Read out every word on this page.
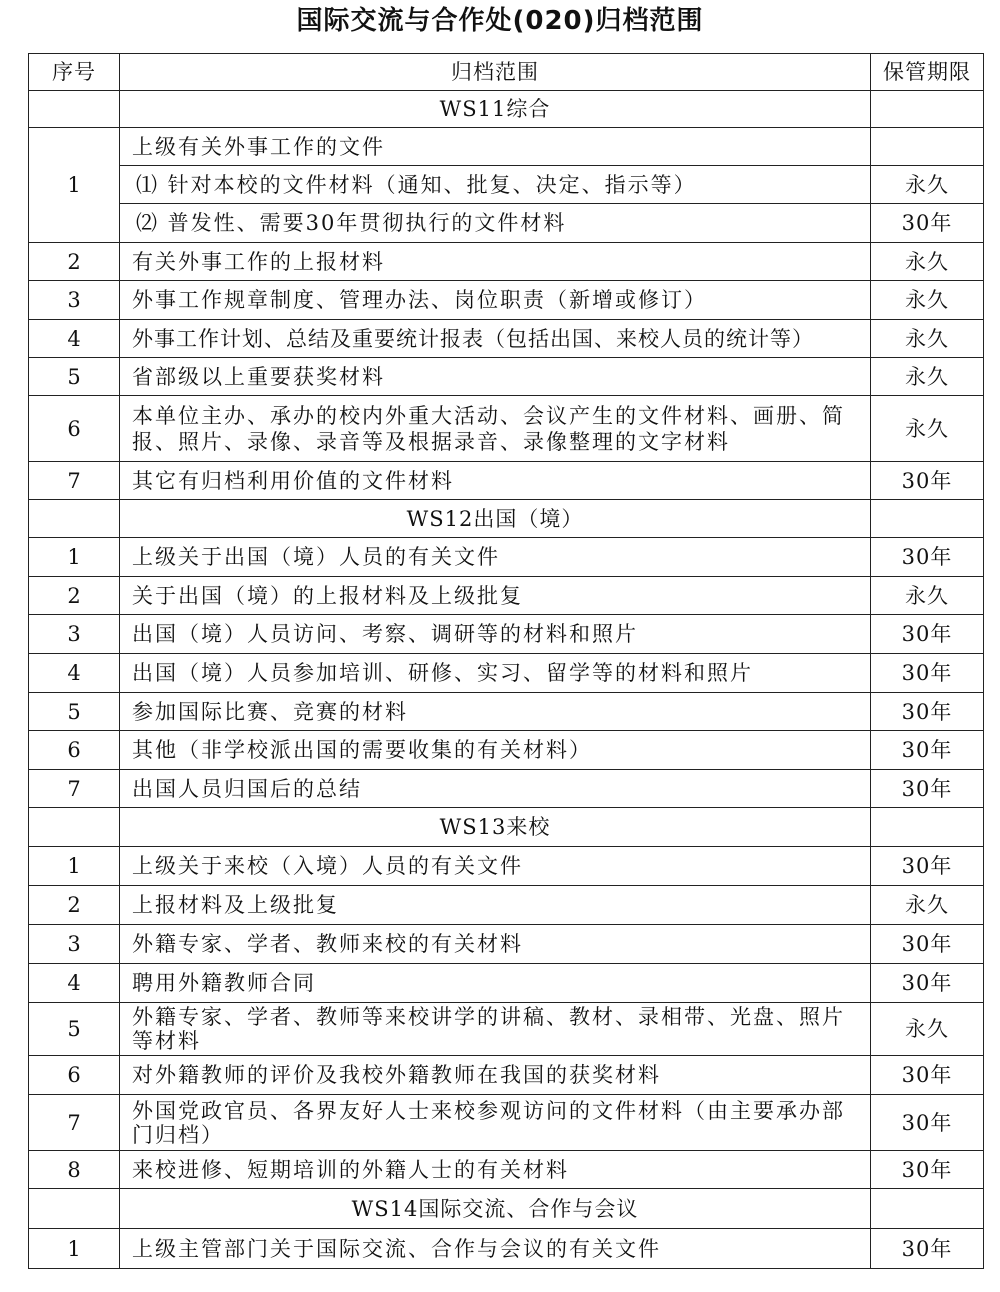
国际交流与合作处(020)归档范围
序号	归档范围	保管期限
	WS11综合	
1	上级有关外事工作的文件	
	⑴ 针对本校的文件材料（通知、批复、决定、指示等）	永久
	⑵ 普发性、需要30年贯彻执行的文件材料	30年
2	有关外事工作的上报材料	永久
3	外事工作规章制度、管理办法、岗位职责（新增或修订）	永久
4	外事工作计划、总结及重要统计报表（包括出国、来校人员的统计等）	永久
5	省部级以上重要获奖材料	永久
6	本单位主办、承办的校内外重大活动、会议产生的文件材料、画册、简报、照片、录像、录音等及根据录音、录像整理的文字材料	永久
7	其它有归档利用价值的文件材料	30年
	WS12出国（境）	
1	上级关于出国（境）人员的有关文件	30年
2	关于出国（境）的上报材料及上级批复	永久
3	出国（境）人员访问、考察、调研等的材料和照片	30年
4	出国（境）人员参加培训、研修、实习、留学等的材料和照片	30年
5	参加国际比赛、竞赛的材料	30年
6	其他（非学校派出国的需要收集的有关材料）	30年
7	出国人员归国后的总结	30年
	WS13来校	
1	上级关于来校（入境）人员的有关文件	30年
2	上报材料及上级批复	永久
3	外籍专家、学者、教师来校的有关材料	30年
4	聘用外籍教师合同	30年
5	外籍专家、学者、教师等来校讲学的讲稿、教材、录相带、光盘、照片等材料	永久
6	对外籍教师的评价及我校外籍教师在我国的获奖材料	30年
7	外国党政官员、各界友好人士来校参观访问的文件材料（由主要承办部门归档）	30年
8	来校进修、短期培训的外籍人士的有关材料	30年
	WS14国际交流、合作与会议	
1	上级主管部门关于国际交流、合作与会议的有关文件	30年
